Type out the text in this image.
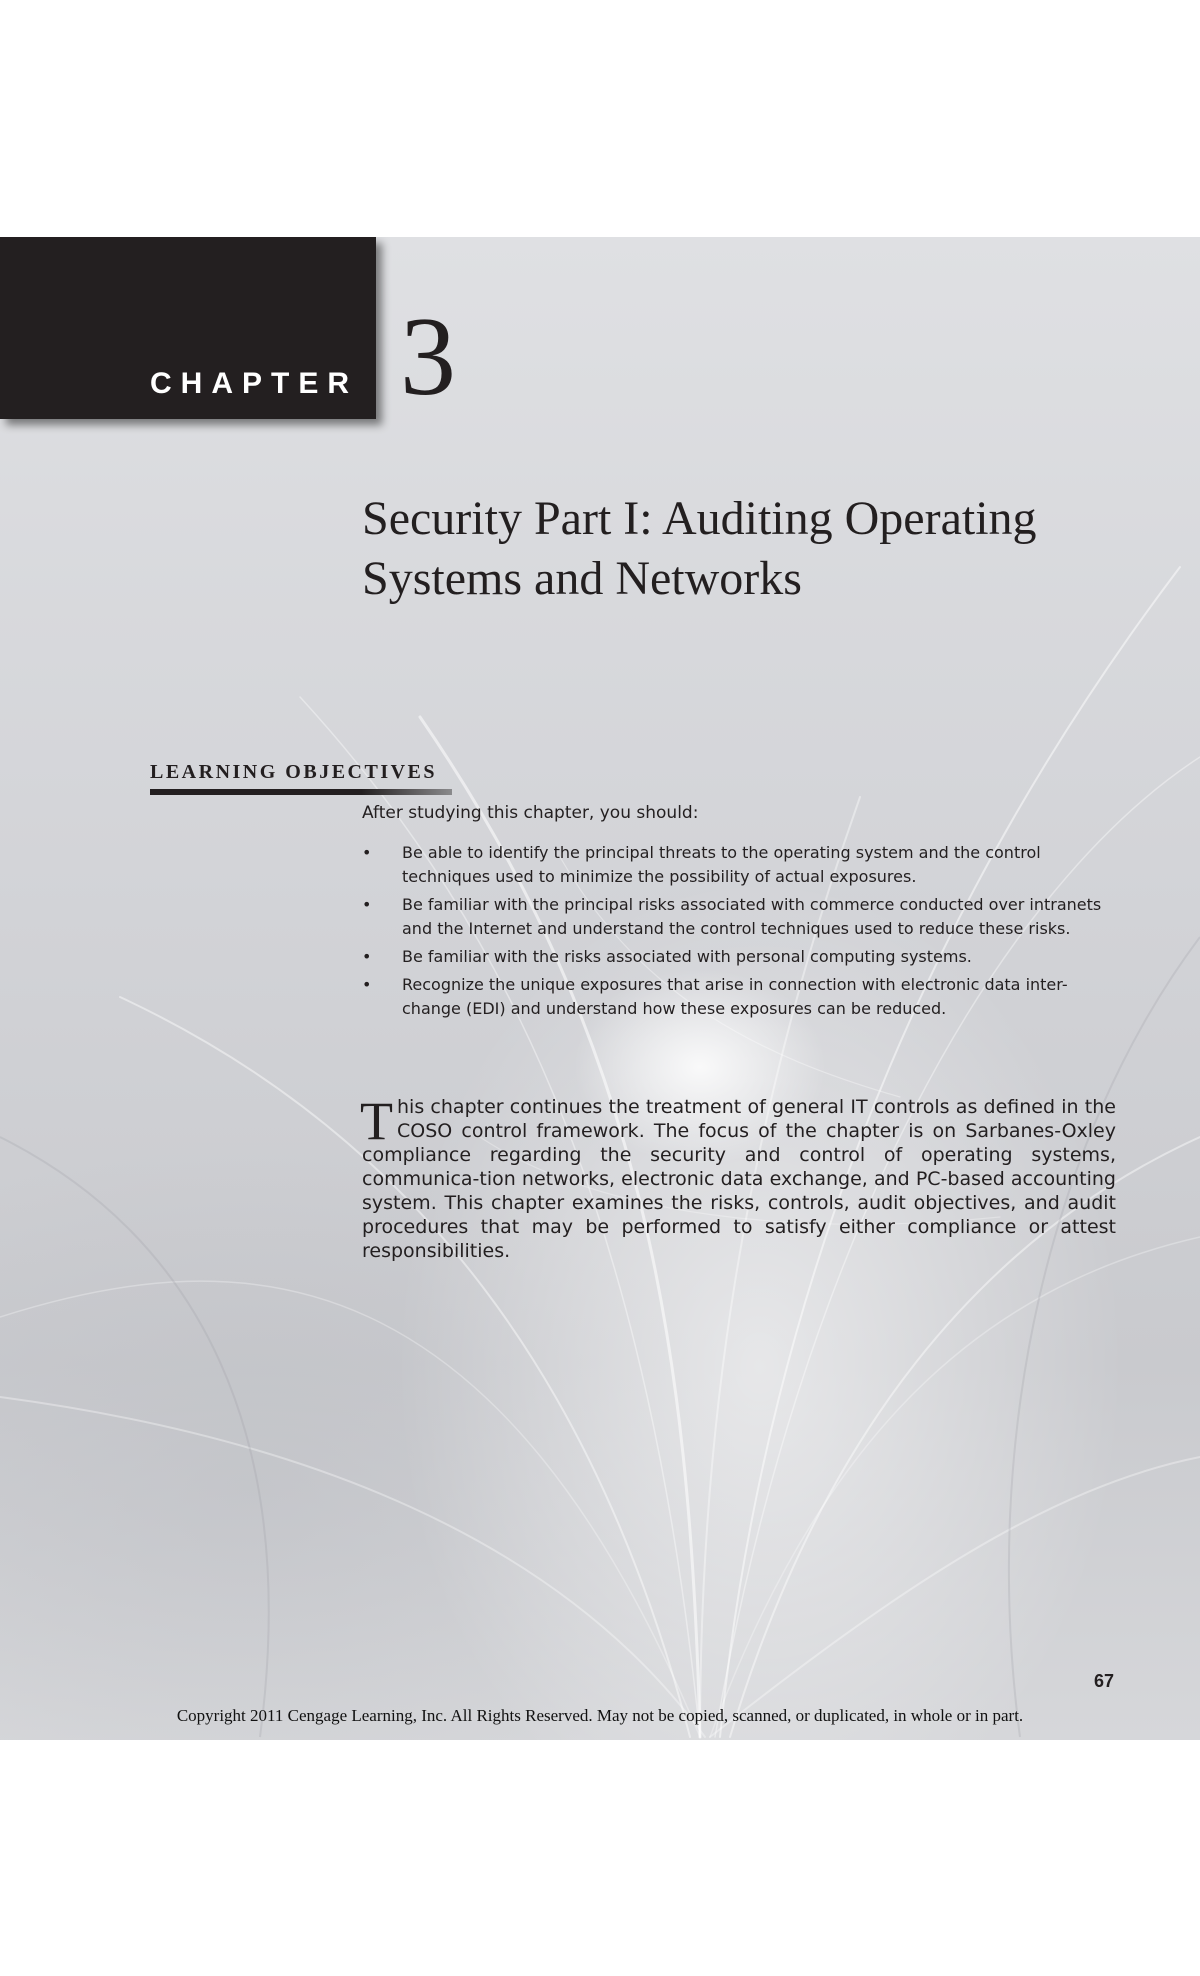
CHAPTER 3
Security Part I: Auditing Operating
Systems and Networks
LEARNING OBJECTIVES
After studying this chapter, you should:
• Be able to identify the principal threats to the operating system and the control techniques used to minimize the possibility of actual exposures.
• Be familiar with the principal risks associated with commerce conducted over intranets and the Internet and understand the control techniques used to reduce these risks.
• Be familiar with the risks associated with personal computing systems.
• Recognize the unique exposures that arise in connection with electronic data inter-change (EDI) and understand how these exposures can be reduced.

This chapter continues the treatment of general IT controls as defined in the COSO control framework. The focus of the chapter is on Sarbanes-Oxley compliance regarding the security and control of operating systems, communica-tion networks, electronic data exchange, and PC-based accounting system. This chapter examines the risks, controls, audit objectives, and audit procedures that may be performed to satisfy either compliance or attest responsibilities.

67
Copyright 2011 Cengage Learning, Inc. All Rights Reserved. May not be copied, scanned, or duplicated, in whole or in part.
